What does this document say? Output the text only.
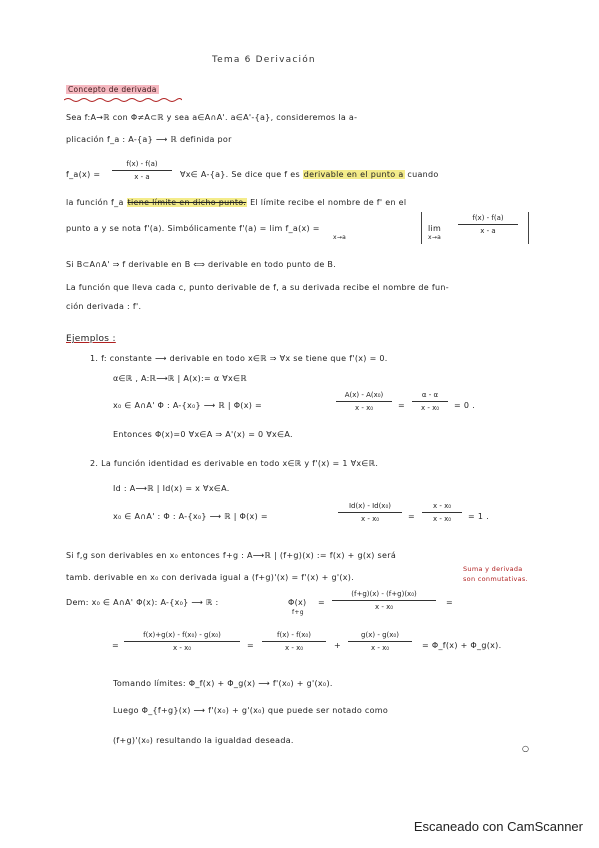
Tema 6 Derivación
Concepto de derivada
Sea f:A→ℝ con Φ≠A⊂ℝ y sea a∈A∩A'. a∈A'-{a}, consideremos la a-
plicación f_a : A-{a} ⟶ ℝ definida por
f_a(x) =
f(x) - f(a)
x - a	∀x∈ A-{a}. Se dice que f es derivable en el punto a cuando
la función f_a tiene límite en dicho punto. El límite recibe el nombre de f' en el
punto a y se nota f'(a). Simbólicamente f'(a) = lim f_a(x) =
x→a
lim
x→a
f(x) - f(a)
x - a
Si B⊂A∩A' ⇒ f derivable en B ⟺ derivable en todo punto de B.
La función que lleva cada c, punto derivable de f, a su derivada recibe el nombre de fun-
ción derivada : f'.
Ejemplos :
1. f: constante ⟶ derivable en todo x∈ℝ ⇒ ∀x se tiene que f'(x) = 0.
α∈ℝ , A:ℝ⟶ℝ | A(x):= α ∀x∈ℝ
x₀ ∈ A∩A' Φ : A-{x₀} ⟶ ℝ | Φ(x) =
A(x) - A(x₀)
x - x₀	=
α - α
x - x₀ = 0 .
Entonces Φ(x)=0 ∀x∈A ⇒ A'(x) = 0 ∀x∈A.
2. La función identidad es derivable en todo x∈ℝ y f'(x) = 1 ∀x∈ℝ.
Id : A⟶ℝ | Id(x) = x ∀x∈A.
x₀ ∈ A∩A' : Φ : A-{x₀} ⟶ ℝ | Φ(x) =
Id(x) - Id(x₀)
x - x₀	=
x - x₀
x - x₀ = 1 .
Si f,g son derivables en x₀ entonces f+g : A⟶ℝ | (f+g)(x) := f(x) + g(x) será
tamb. derivable en x₀ con derivada igual a (f+g)'(x) = f'(x) + g'(x).
Suma y derivada
son conmutativas.
Dem: x₀ ∈ A∩A' Φ(x): A-{x₀} ⟶ ℝ :	Φ(x)
f+g
=
(f+g)(x) - (f+g)(x₀)
x - x₀	=
=
f(x)+g(x) - f(x₀) - g(x₀)
x - x₀	=
f(x) - f(x₀)
x - x₀	+
g(x) - g(x₀)
x - x₀	= Φ_f(x) + Φ_g(x).
Tomando límites: Φ_f(x) + Φ_g(x) ⟶ f'(x₀) + g'(x₀).
Luego Φ_{f+g}(x) ⟶ f'(x₀) + g'(x₀) que puede ser notado como
(f+g)'(x₀) resultando la igualdad deseada.
○
Escaneado con CamScanner
